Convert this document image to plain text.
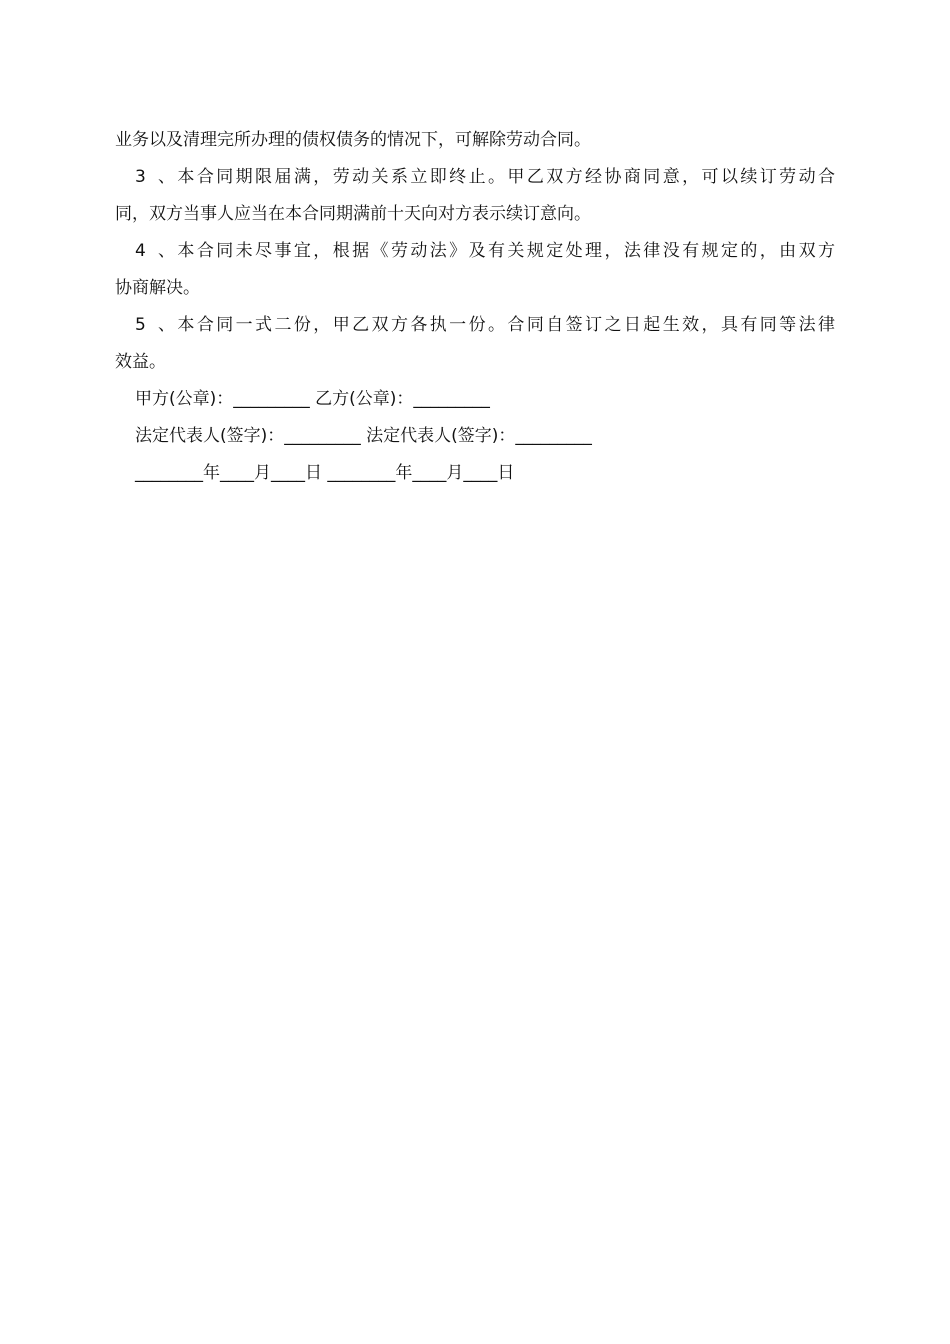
业务以及清理完所办理的债权债务的情况下，可解除劳动合同。
3、本合同期限届满，劳动关系立即终止。甲乙双方经协商同意，可以续订劳动合
同，双方当事人应当在本合同期满前十天向对方表示续订意向。
4、本合同未尽事宜，根据《劳动法》及有关规定处理，法律没有规定的，由双方
协商解决。
5、本合同一式二份，甲乙双方各执一份。合同自签订之日起生效，具有同等法律
效益。
甲方(公章)：_________ 乙方(公章)：_________
法定代表人(签字)：_________ 法定代表人(签字)：_________
________年____月____日 ________年____月____日
